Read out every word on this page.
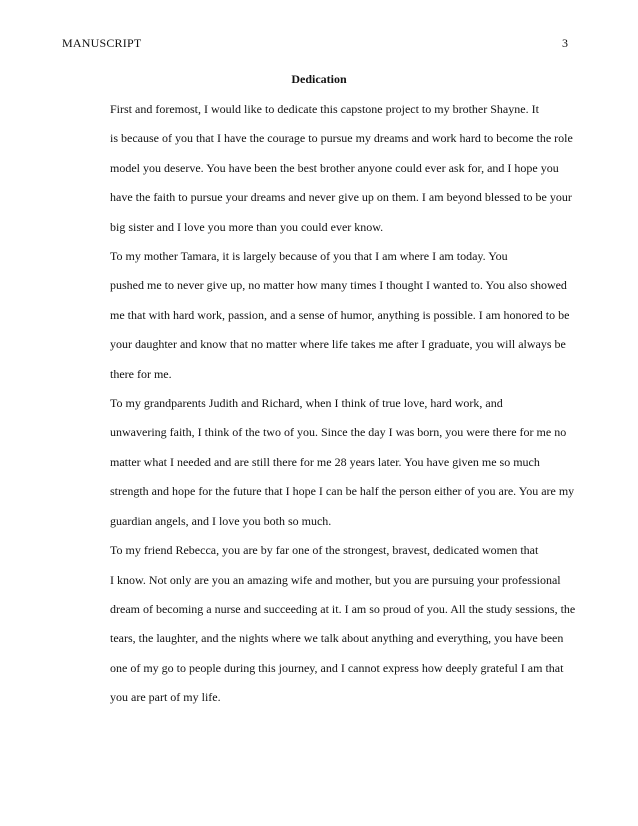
MANUSCRIPT	3
Dedication

First and foremost, I would like to dedicate this capstone project to my brother Shayne. It
is because of you that I have the courage to pursue my dreams and work hard to become the role
model you deserve. You have been the best brother anyone could ever ask for, and I hope you
have the faith to pursue your dreams and never give up on them. I am beyond blessed to be your
big sister and I love you more than you could ever know.

To my mother Tamara, it is largely because of you that I am where I am today. You
pushed me to never give up, no matter how many times I thought I wanted to. You also showed
me that with hard work, passion, and a sense of humor, anything is possible. I am honored to be
your daughter and know that no matter where life takes me after I graduate, you will always be
there for me.

To my grandparents Judith and Richard, when I think of true love, hard work, and
unwavering faith, I think of the two of you. Since the day I was born, you were there for me no
matter what I needed and are still there for me 28 years later. You have given me so much
strength and hope for the future that I hope I can be half the person either of you are. You are my
guardian angels, and I love you both so much.

To my friend Rebecca, you are by far one of the strongest, bravest, dedicated women that
I know. Not only are you an amazing wife and mother, but you are pursuing your professional
dream of becoming a nurse and succeeding at it. I am so proud of you. All the study sessions, the
tears, the laughter, and the nights where we talk about anything and everything, you have been
one of my go to people during this journey, and I cannot express how deeply grateful I am that
you are part of my life.
